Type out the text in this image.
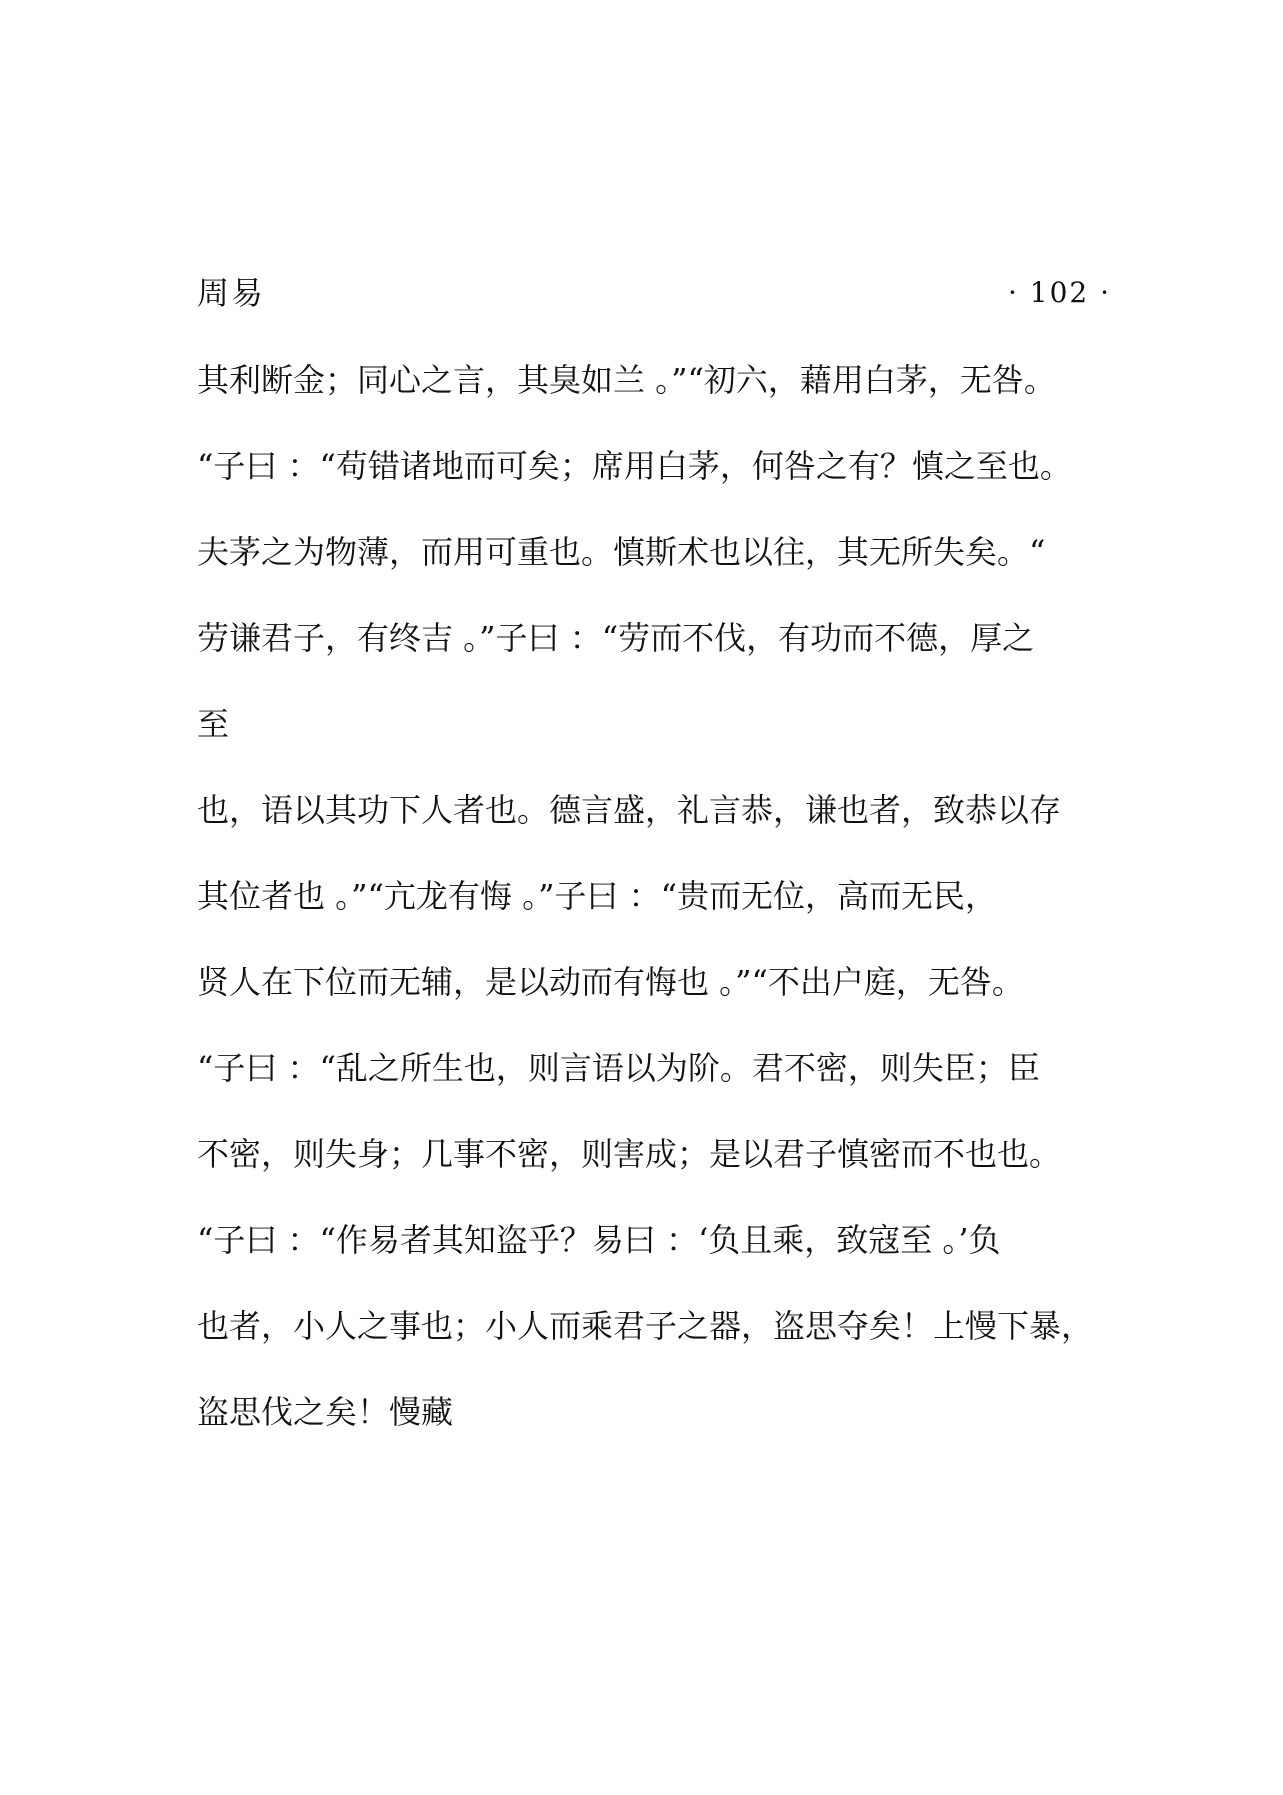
周易	· 102 ·
其利断金；同心之言，其臭如兰 。”“初六，藉用白茅，无咎。
“子曰 ：“苟错诸地而可矣；席用白茅，何咎之有？慎之至也。
夫茅之为物薄，而用可重也。慎斯术也以往，其无所失矣。“
劳谦君子，有终吉 。”子曰 ：“劳而不伐，有功而不德，厚之
至
也，语以其功下人者也。德言盛，礼言恭，谦也者，致恭以存
其位者也 。”“亢龙有悔 。”子曰 ：“贵而无位，高而无民，
贤人在下位而无辅，是以动而有悔也 。”“不出户庭，无咎。
“子曰 ：“乱之所生也，则言语以为阶。君不密，则失臣；臣
不密，则失身；几事不密，则害成；是以君子慎密而不也也。
“子曰 ：“作易者其知盗乎？易曰 ：‘负且乘，致寇至 。’负
也者，小人之事也；小人而乘君子之器，盗思夺矣！上慢下暴，
盗思伐之矣！慢藏
